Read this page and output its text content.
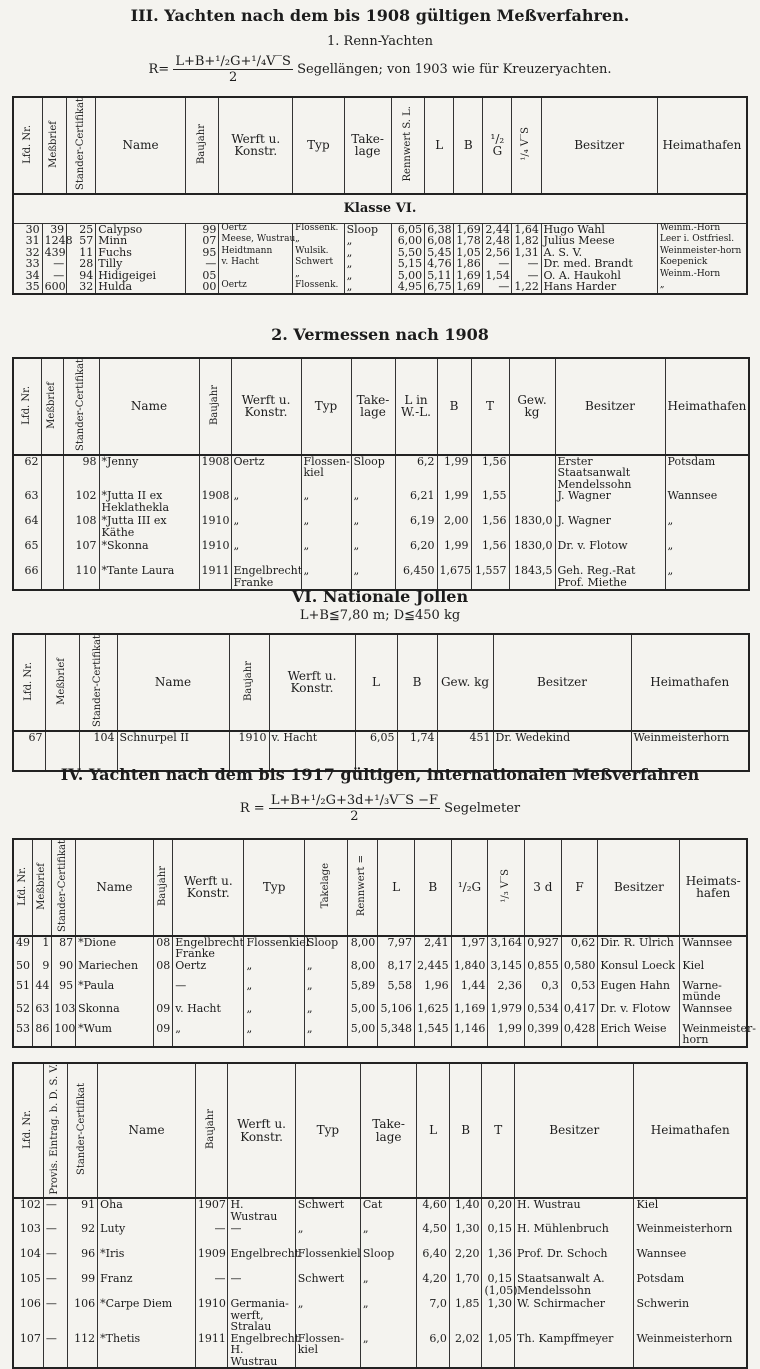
III. Yachten nach dem bis 1908 gültigen Meßverfahren.
1. Renn-Yachten
$R= \frac{\text{L+B+¹/₂G+¹/₄V‾S}}{2}$ Segellängen; von 1903 wie für Kreuzeryachten.
Lfd. Nr.	Meßbrief	Stander-Certifikat	Name	Baujahr	Werft u. Konstr.	Typ	Take-lage	Rennwert S. L.	L	B	¹/₂ G	¹/₄ V‾S	Besitzer	Heimathafen
Klasse VI.														
30	39	25	Calypso	99	Oertz	Flossenk.	Sloop	6,05	6,38	1,69	2,44	1,64	Hugo Wahl	Weinm.-Horn
31	1248	57	Minn	07	Meese, Wustrau	„	„	6,00	6,08	1,78	2,48	1,82	Julius Meese	Leer i. Ostfriesl.
32	439	11	Fuchs	95	Heidtmann	Wulsik.	„	5,50	5,45	1,05	2,56	1,31	A. S. V.	Weinmeister-horn
33	—	28	Tilly	—	v. Hacht	Schwert	„	5,15	4,76	1,86	—	—	Dr. med. Brandt	Koepenick
34	—	94	Hidigeigei	05		„	„	5,00	5,11	1,69	1,54	—	O. A. Haukohl	Weinm.-Horn
35	600	32	Hulda	00	Oertz	Flossenk.	„	4,95	6,75	1,69	—	1,22	Hans Harder	„
2. Vermessen nach 1908
Lfd. Nr.	Meßbrief	Stander-Certifikat	Name	Baujahr	Werft u. Konstr.	Typ	Take-lage	L in W.-L.	B	T	Gew. kg	Besitzer	Heimathafen
62		98	*Jenny	1908	Oertz	Flossen-kiel	Sloop	6,2	1,99	1,56		Erster Staatsanwalt Mendelssohn	Potsdam
63		102	*Jutta II ex Heklathekla	1908	„	„	„	6,21	1,99	1,55		J. Wagner	Wannsee
64		108	*Jutta III ex Käthe	1910	„	„	„	6,19	2,00	1,56	1830,0	J. Wagner	„
65		107	*Skonna	1910	„	„	„	6,20	1,99	1,56	1830,0	Dr. v. Flotow	„
66		110	*Tante Laura	1911	Engelbrecht Franke	„	„	6,450	1,675	1,557	1843,5	Geh. Reg.-Rat Prof. Miethe	„
VI. Nationale Jollen
L+B≦7,80 m; D≦450 kg
Lfd. Nr.	Meßbrief	Stander-Certifikat	Name	Baujahr	Werft u. Konstr.	L	B	Gew. kg	Besitzer	Heimathafen
67		104	Schnurpel II	1910	v. Hacht	6,05	1,74	451	Dr. Wedekind	Weinmeisterhorn
IV. Yachten nach dem bis 1917 gültigen, internationalen Meßverfahren
$R = \frac{\text{L+B+¹/₂G+3d+¹/₃V‾S −F}}{2}$ Segelmeter
Lfd. Nr.	Meßbrief	Stander-Certifikat	Name	Baujahr	Werft u. Konstr.	Typ	Takelage	Rennwert =	L	B	¹/₂G	¹/₃ V‾S	3 d	F	Besitzer	Heimats-hafen
49	1	87	*Dione	08	Engelbrecht Franke	Flossenkiel	Sloop	8,00	7,97	2,41	1,97	3,164	0,927	0,62	Dir. R. Ulrich	Wannsee
50	9	90	Mariechen	08	Oertz	„	„	8,00	8,17	2,445	1,840	3,145	0,855	0,580	Konsul Loeck	Kiel
51	44	95	*Paula		—	„	„	5,89	5,58	1,96	1,44	2,36	0,3	0,53	Eugen Hahn	Warne-münde
52	63	103	Skonna	09	v. Hacht	„	„	5,00	5,106	1,625	1,169	1,979	0,534	0,417	Dr. v. Flotow	Wannsee
53	86	100	*Wum	09	„	„	„	5,00	5,348	1,545	1,146	1,99	0,399	0,428	Erich Weise	Weinmeister-horn
Lfd. Nr.	Provis. Eintrag. b. D. S. V.	Stander-Certifikat	Name	Baujahr	Werft u. Konstr.	Typ	Take-lage	L	B	T	Besitzer	Heimathafen
102	—	91	Oha	1907	H. Wustrau	Schwert	Cat	4,60	1,40	0,20	H. Wustrau	Kiel
103	—	92	Luty	—	—	„	„	4,50	1,30	0,15	H. Mühlenbruch	Weinmeisterhorn
104	—	96	*Iris	1909	Engelbrecht	Flossenkiel	Sloop	6,40	2,20	1,36	Prof. Dr. Schoch	Wannsee
105	—	99	Franz	—	—	Schwert	„	4,20	1,70	0,15 (1,05)	Staatsanwalt A. Mendelssohn	Potsdam
106	—	106	*Carpe Diem	1910	Germania-werft, Stralau	„	„	7,0	1,85	1,30	W. Schirmacher	Schwerin
107	—	112	*Thetis	1911	Engelbrecht H. Wustrau	Flossen-kiel	„	6,0	2,02	1,05	Th. Kampffmeyer	Weinmeisterhorn
